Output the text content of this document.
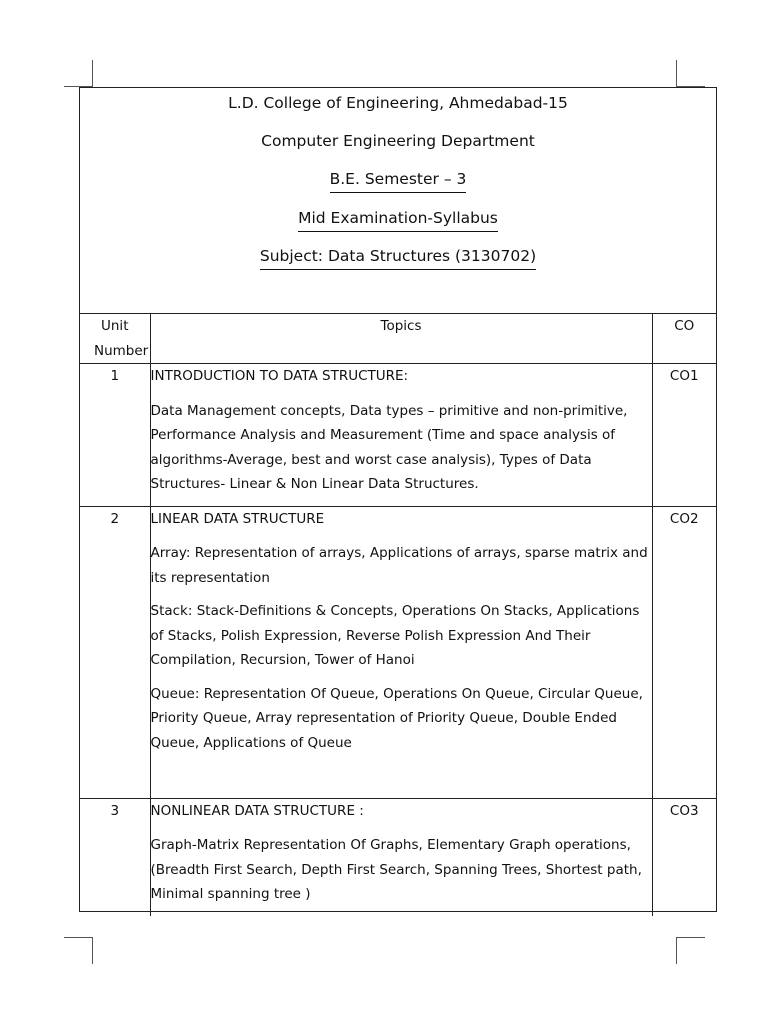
L.D. College of Engineering, Ahmedabad-15
Computer Engineering Department
B.E. Semester – 3
Mid Examination-Syllabus
Subject: Data Structures (3130702)
Unit Number	Topics	CO
1	INTRODUCTION TO DATA STRUCTURE:
Data Management concepts, Data types – primitive and non-primitive, Performance Analysis and Measurement (Time and space analysis of algorithms-Average, best and worst case analysis), Types of Data Structures- Linear & Non Linear Data Structures.	CO1
2	LINEAR DATA STRUCTURE
Array: Representation of arrays, Applications of arrays, sparse matrix and its representation
Stack: Stack-Definitions & Concepts, Operations On Stacks, Applications of Stacks, Polish Expression, Reverse Polish Expression And Their Compilation, Recursion, Tower of Hanoi
Queue: Representation Of Queue, Operations On Queue, Circular Queue, Priority Queue, Array representation of Priority Queue, Double Ended Queue, Applications of Queue	CO2
3	NONLINEAR DATA STRUCTURE :
Graph-Matrix Representation Of Graphs, Elementary Graph operations, (Breadth First Search, Depth First Search, Spanning Trees, Shortest path, Minimal spanning tree )	CO3
